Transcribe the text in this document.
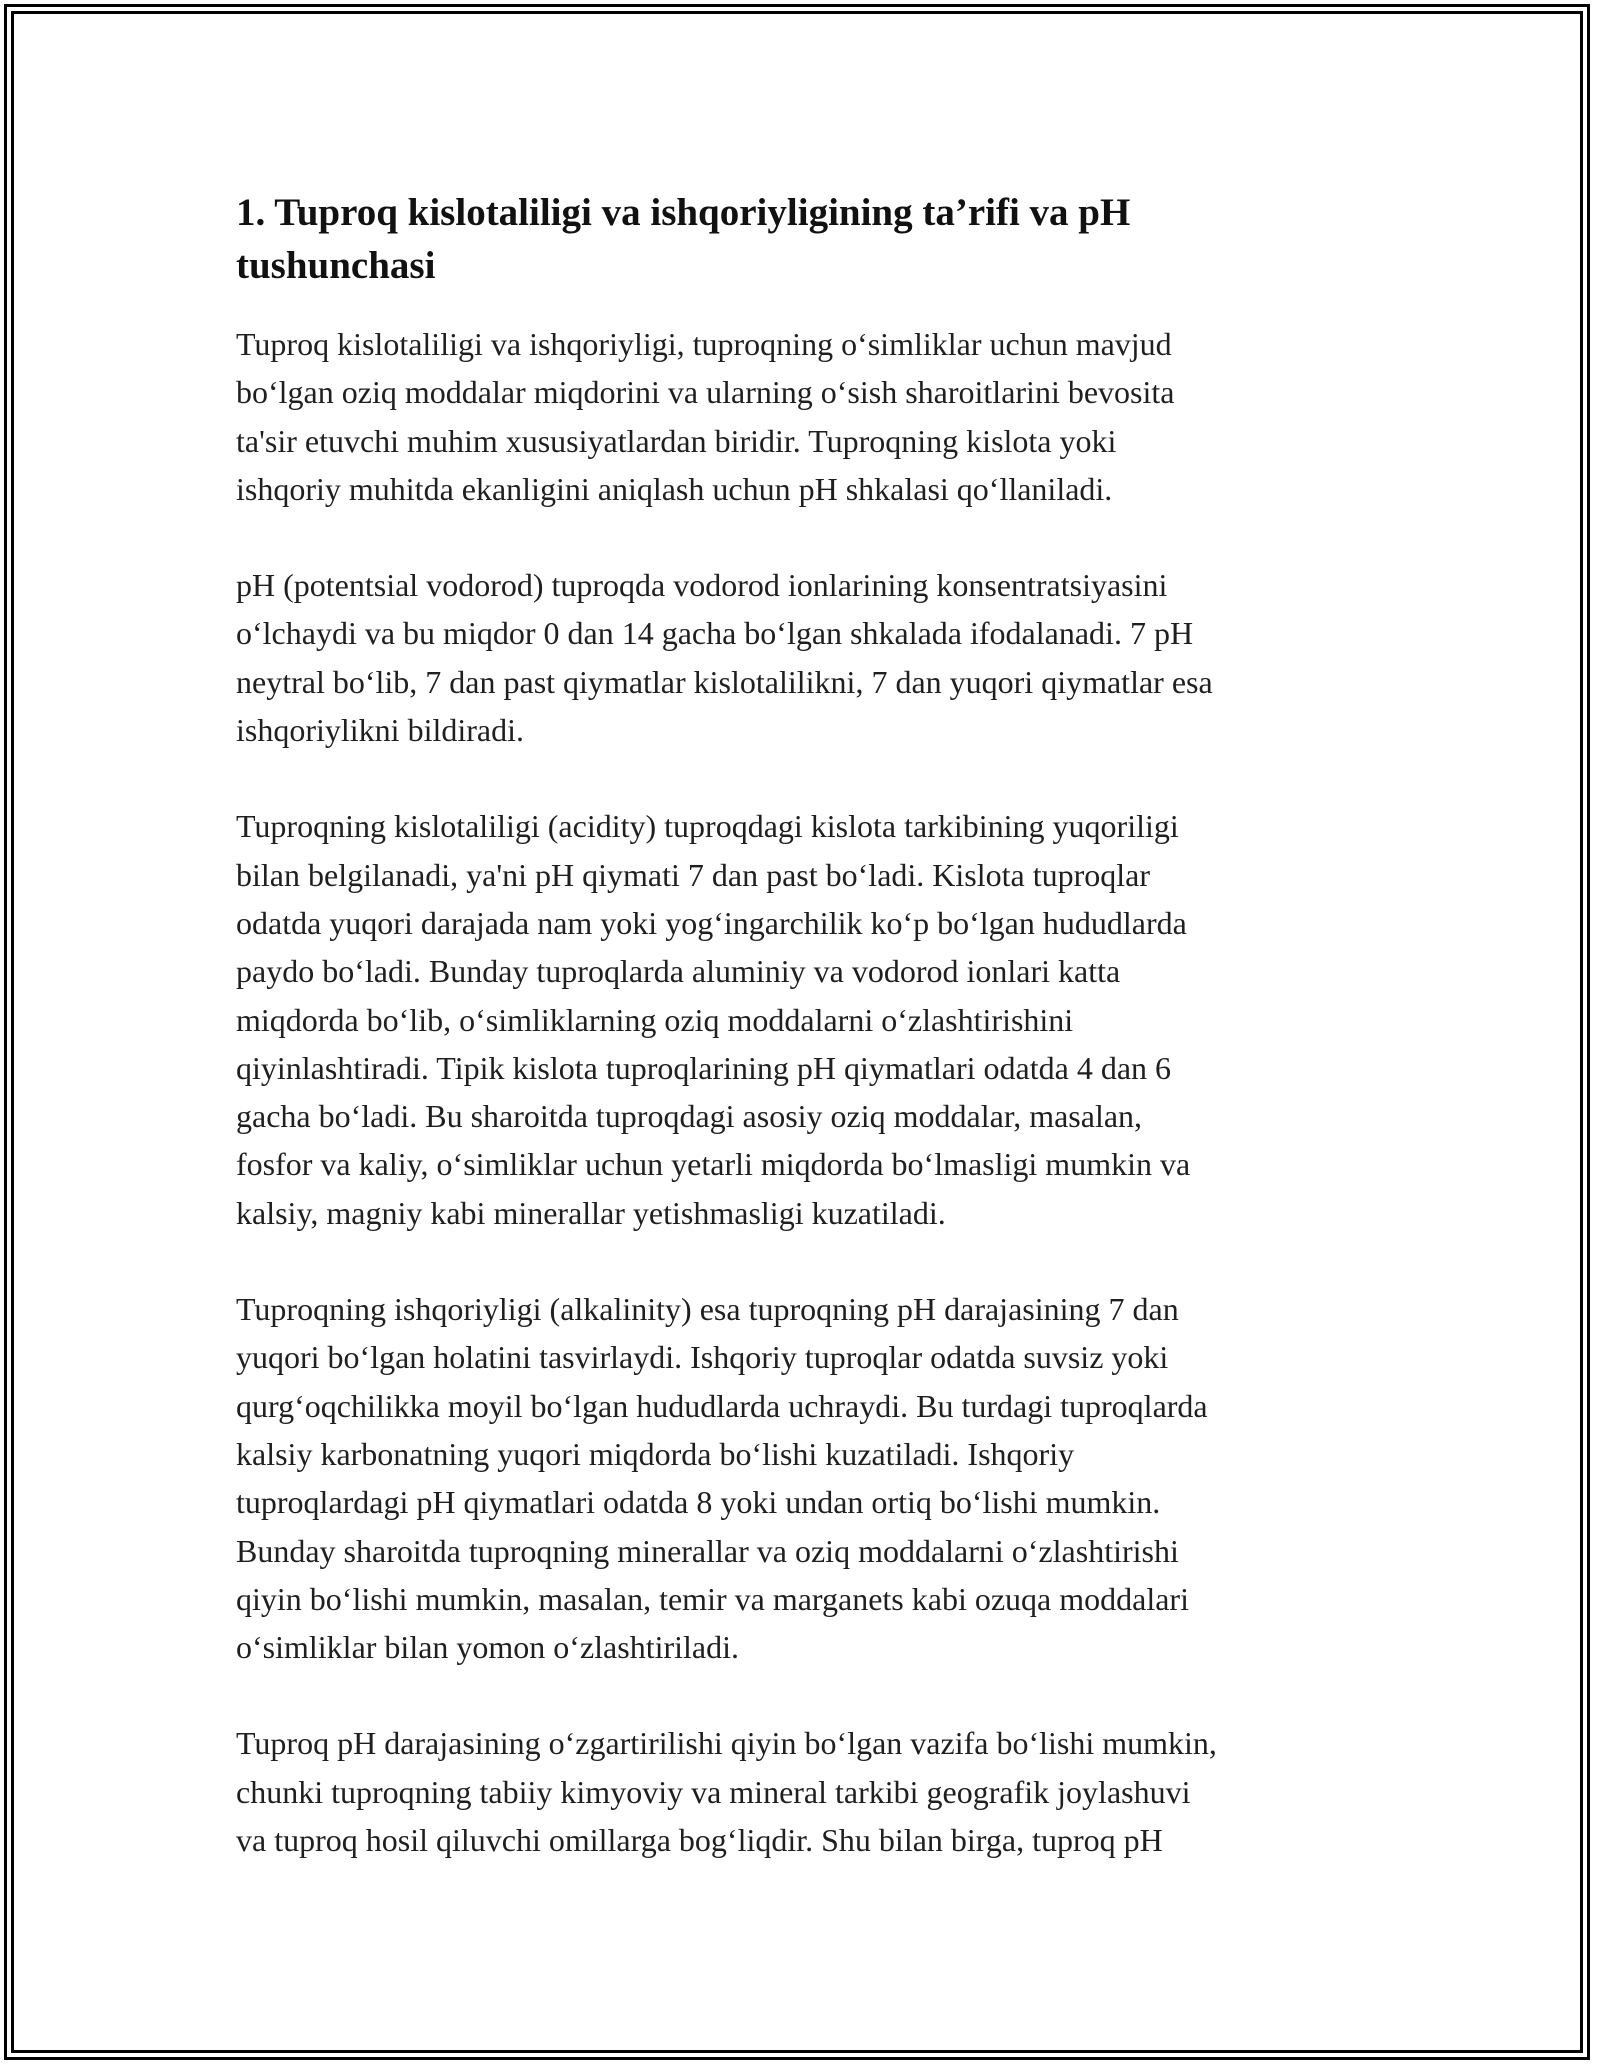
1. Tuproq kislotaliligi va ishqoriyligining ta’rifi va pH
tushunchasi

Tuproq kislotaliligi va ishqoriyligi, tuproqning o‘simliklar uchun mavjud
bo‘lgan oziq moddalar miqdorini va ularning o‘sish sharoitlarini bevosita
ta'sir etuvchi muhim xususiyatlardan biridir. Tuproqning kislota yoki
ishqoriy muhitda ekanligini aniqlash uchun pH shkalasi qo‘llaniladi.

pH (potentsial vodorod) tuproqda vodorod ionlarining konsentratsiyasini
o‘lchaydi va bu miqdor 0 dan 14 gacha bo‘lgan shkalada ifodalanadi. 7 pH
neytral bo‘lib, 7 dan past qiymatlar kislotalilikni, 7 dan yuqori qiymatlar esa
ishqoriylikni bildiradi.

Tuproqning kislotaliligi (acidity) tuproqdagi kislota tarkibining yuqoriligi
bilan belgilanadi, ya'ni pH qiymati 7 dan past bo‘ladi. Kislota tuproqlar
odatda yuqori darajada nam yoki yog‘ingarchilik ko‘p bo‘lgan hududlarda
paydo bo‘ladi. Bunday tuproqlarda aluminiy va vodorod ionlari katta
miqdorda bo‘lib, o‘simliklarning oziq moddalarni o‘zlashtirishini
qiyinlashtiradi. Tipik kislota tuproqlarining pH qiymatlari odatda 4 dan 6
gacha bo‘ladi. Bu sharoitda tuproqdagi asosiy oziq moddalar, masalan,
fosfor va kaliy, o‘simliklar uchun yetarli miqdorda bo‘lmasligi mumkin va
kalsiy, magniy kabi minerallar yetishmasligi kuzatiladi.

Tuproqning ishqoriyligi (alkalinity) esa tuproqning pH darajasining 7 dan
yuqori bo‘lgan holatini tasvirlaydi. Ishqoriy tuproqlar odatda suvsiz yoki
qurg‘oqchilikka moyil bo‘lgan hududlarda uchraydi. Bu turdagi tuproqlarda
kalsiy karbonatning yuqori miqdorda bo‘lishi kuzatiladi. Ishqoriy
tuproqlardagi pH qiymatlari odatda 8 yoki undan ortiq bo‘lishi mumkin.
Bunday sharoitda tuproqning minerallar va oziq moddalarni o‘zlashtirishi
qiyin bo‘lishi mumkin, masalan, temir va marganets kabi ozuqa moddalari
o‘simliklar bilan yomon o‘zlashtiriladi.

Tuproq pH darajasining o‘zgartirilishi qiyin bo‘lgan vazifa bo‘lishi mumkin,
chunki tuproqning tabiiy kimyoviy va mineral tarkibi geografik joylashuvi
va tuproq hosil qiluvchi omillarga bog‘liqdir. Shu bilan birga, tuproq pH
